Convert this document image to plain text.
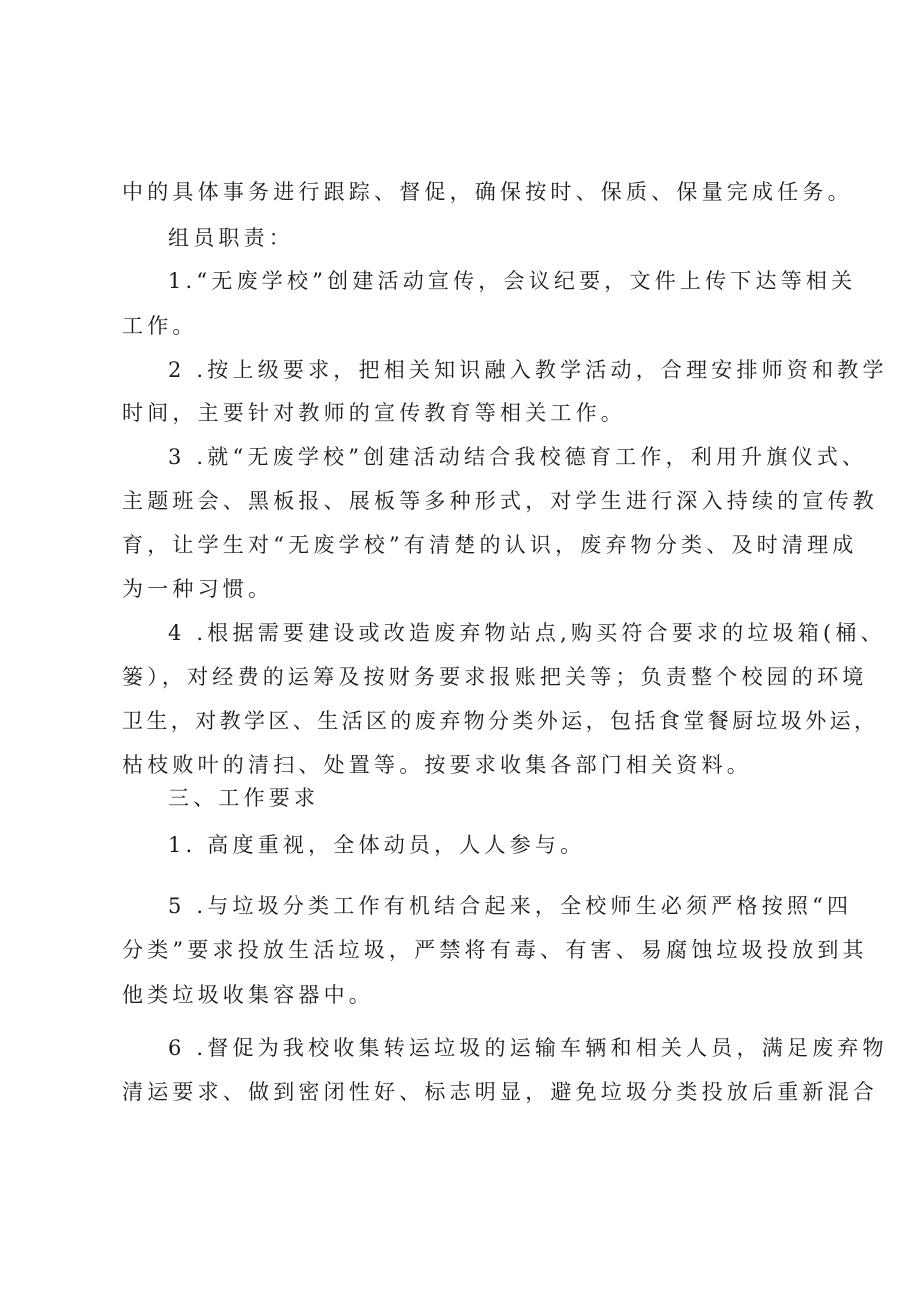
中的具体事务进行跟踪、督促，确保按时、保质、保量完成任务。
组员职责：
1.“无废学校”创建活动宣传，会议纪要，文件上传下达等相关
工作。
2 .按上级要求，把相关知识融入教学活动，合理安排师资和教学
时间，主要针对教师的宣传教育等相关工作。
3 .就“无废学校”创建活动结合我校德育工作，利用升旗仪式、
主题班会、黑板报、展板等多种形式，对学生进行深入持续的宣传教
育，让学生对“无废学校”有清楚的认识，废弃物分类、及时清理成
为一种习惯。
4 .根据需要建设或改造废弃物站点,购买符合要求的垃圾箱(桶、
篓），对经费的运筹及按财务要求报账把关等；负责整个校园的环境
卫生，对教学区、生活区的废弃物分类外运，包括食堂餐厨垃圾外运，
枯枝败叶的清扫、处置等。按要求收集各部门相关资料。
三、工作要求
1. 高度重视，全体动员，人人参与。
5 .与垃圾分类工作有机结合起来，全校师生必须严格按照“四
分类”要求投放生活垃圾，严禁将有毒、有害、易腐蚀垃圾投放到其
他类垃圾收集容器中。
6 .督促为我校收集转运垃圾的运输车辆和相关人员，满足废弃物
清运要求、做到密闭性好、标志明显，避免垃圾分类投放后重新混合
